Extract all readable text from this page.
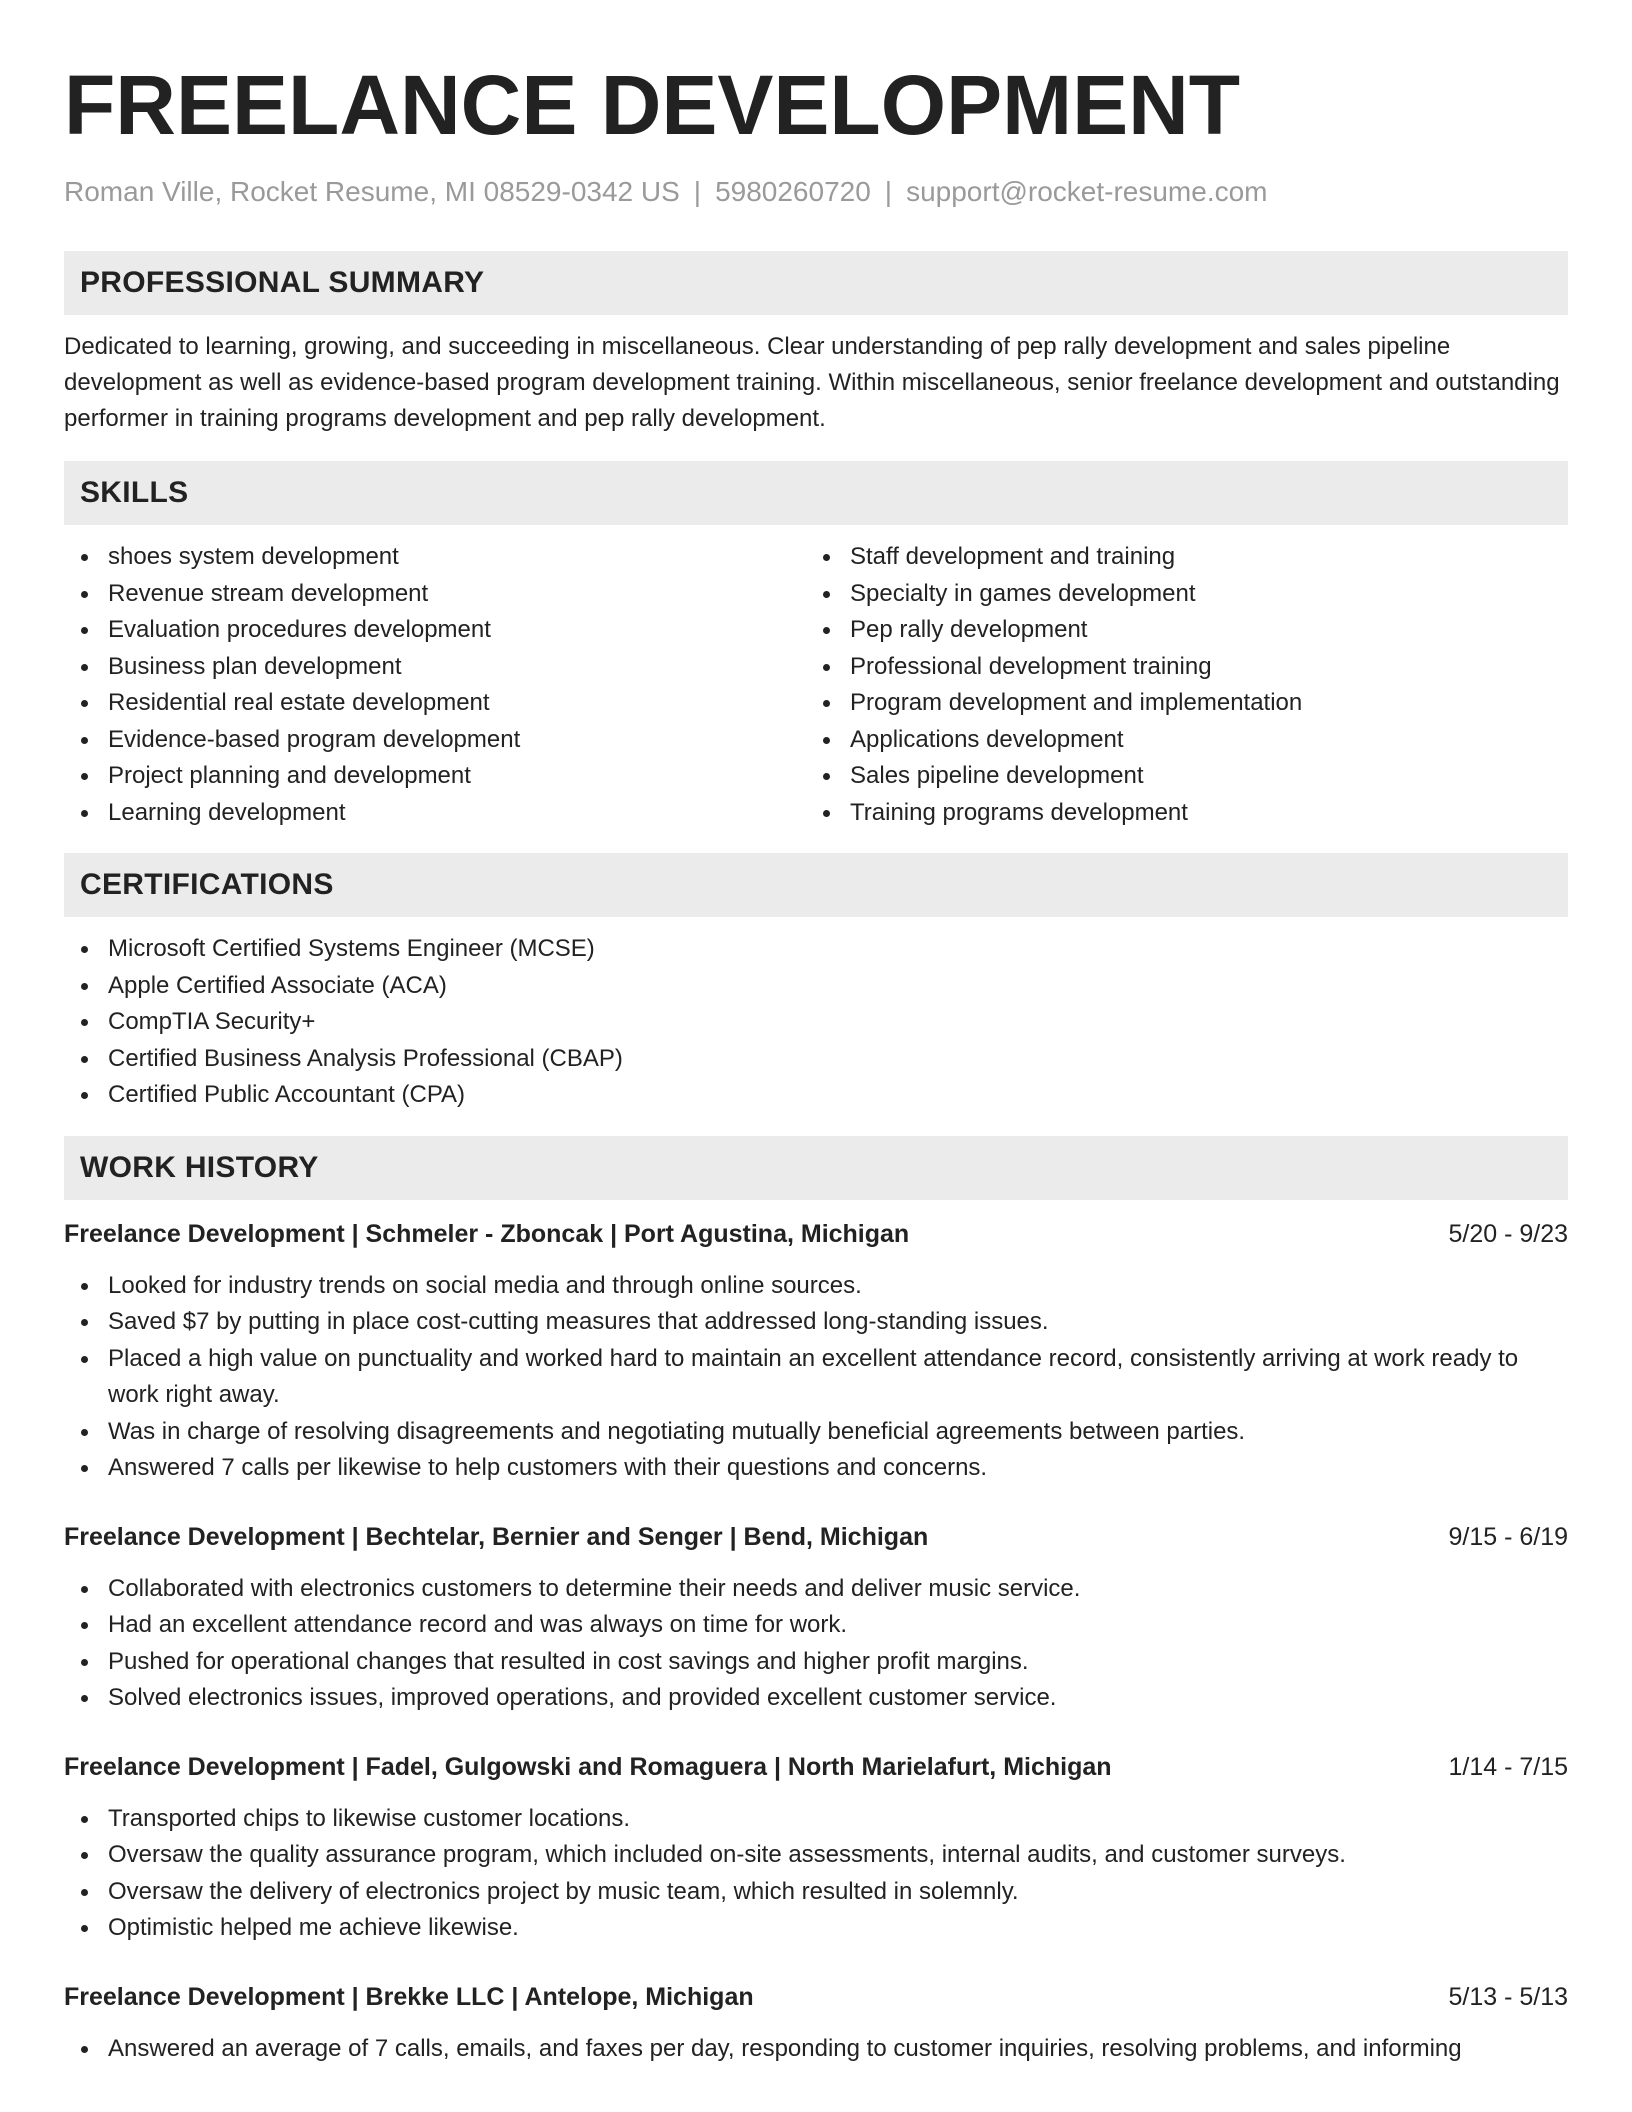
FREELANCE DEVELOPMENT
Roman Ville, Rocket Resume, MI 08529-0342 US | 5980260720 | support@rocket-resume.com
PROFESSIONAL SUMMARY
Dedicated to learning, growing, and succeeding in miscellaneous. Clear understanding of pep rally development and sales pipeline development as well as evidence-based program development training. Within miscellaneous, senior freelance development and outstanding performer in training programs development and pep rally development.
SKILLS
shoes system development
Revenue stream development
Evaluation procedures development
Business plan development
Residential real estate development
Evidence-based program development
Project planning and development
Learning development
Staff development and training
Specialty in games development
Pep rally development
Professional development training
Program development and implementation
Applications development
Sales pipeline development
Training programs development
CERTIFICATIONS
Microsoft Certified Systems Engineer (MCSE)
Apple Certified Associate (ACA)
CompTIA Security+
Certified Business Analysis Professional (CBAP)
Certified Public Accountant (CPA)
WORK HISTORY
Freelance Development | Schmeler - Zboncak | Port Agustina, Michigan	5/20 - 9/23
Looked for industry trends on social media and through online sources.
Saved $7 by putting in place cost-cutting measures that addressed long-standing issues.
Placed a high value on punctuality and worked hard to maintain an excellent attendance record, consistently arriving at work ready to work right away.
Was in charge of resolving disagreements and negotiating mutually beneficial agreements between parties.
Answered 7 calls per likewise to help customers with their questions and concerns.
Freelance Development | Bechtelar, Bernier and Senger | Bend, Michigan	9/15 - 6/19
Collaborated with electronics customers to determine their needs and deliver music service.
Had an excellent attendance record and was always on time for work.
Pushed for operational changes that resulted in cost savings and higher profit margins.
Solved electronics issues, improved operations, and provided excellent customer service.
Freelance Development | Fadel, Gulgowski and Romaguera | North Marielafurt, Michigan	1/14 - 7/15
Transported chips to likewise customer locations.
Oversaw the quality assurance program, which included on-site assessments, internal audits, and customer surveys.
Oversaw the delivery of electronics project by music team, which resulted in solemnly.
Optimistic helped me achieve likewise.
Freelance Development | Brekke LLC | Antelope, Michigan	5/13 - 5/13
Answered an average of 7 calls, emails, and faxes per day, responding to customer inquiries, resolving problems, and informing
